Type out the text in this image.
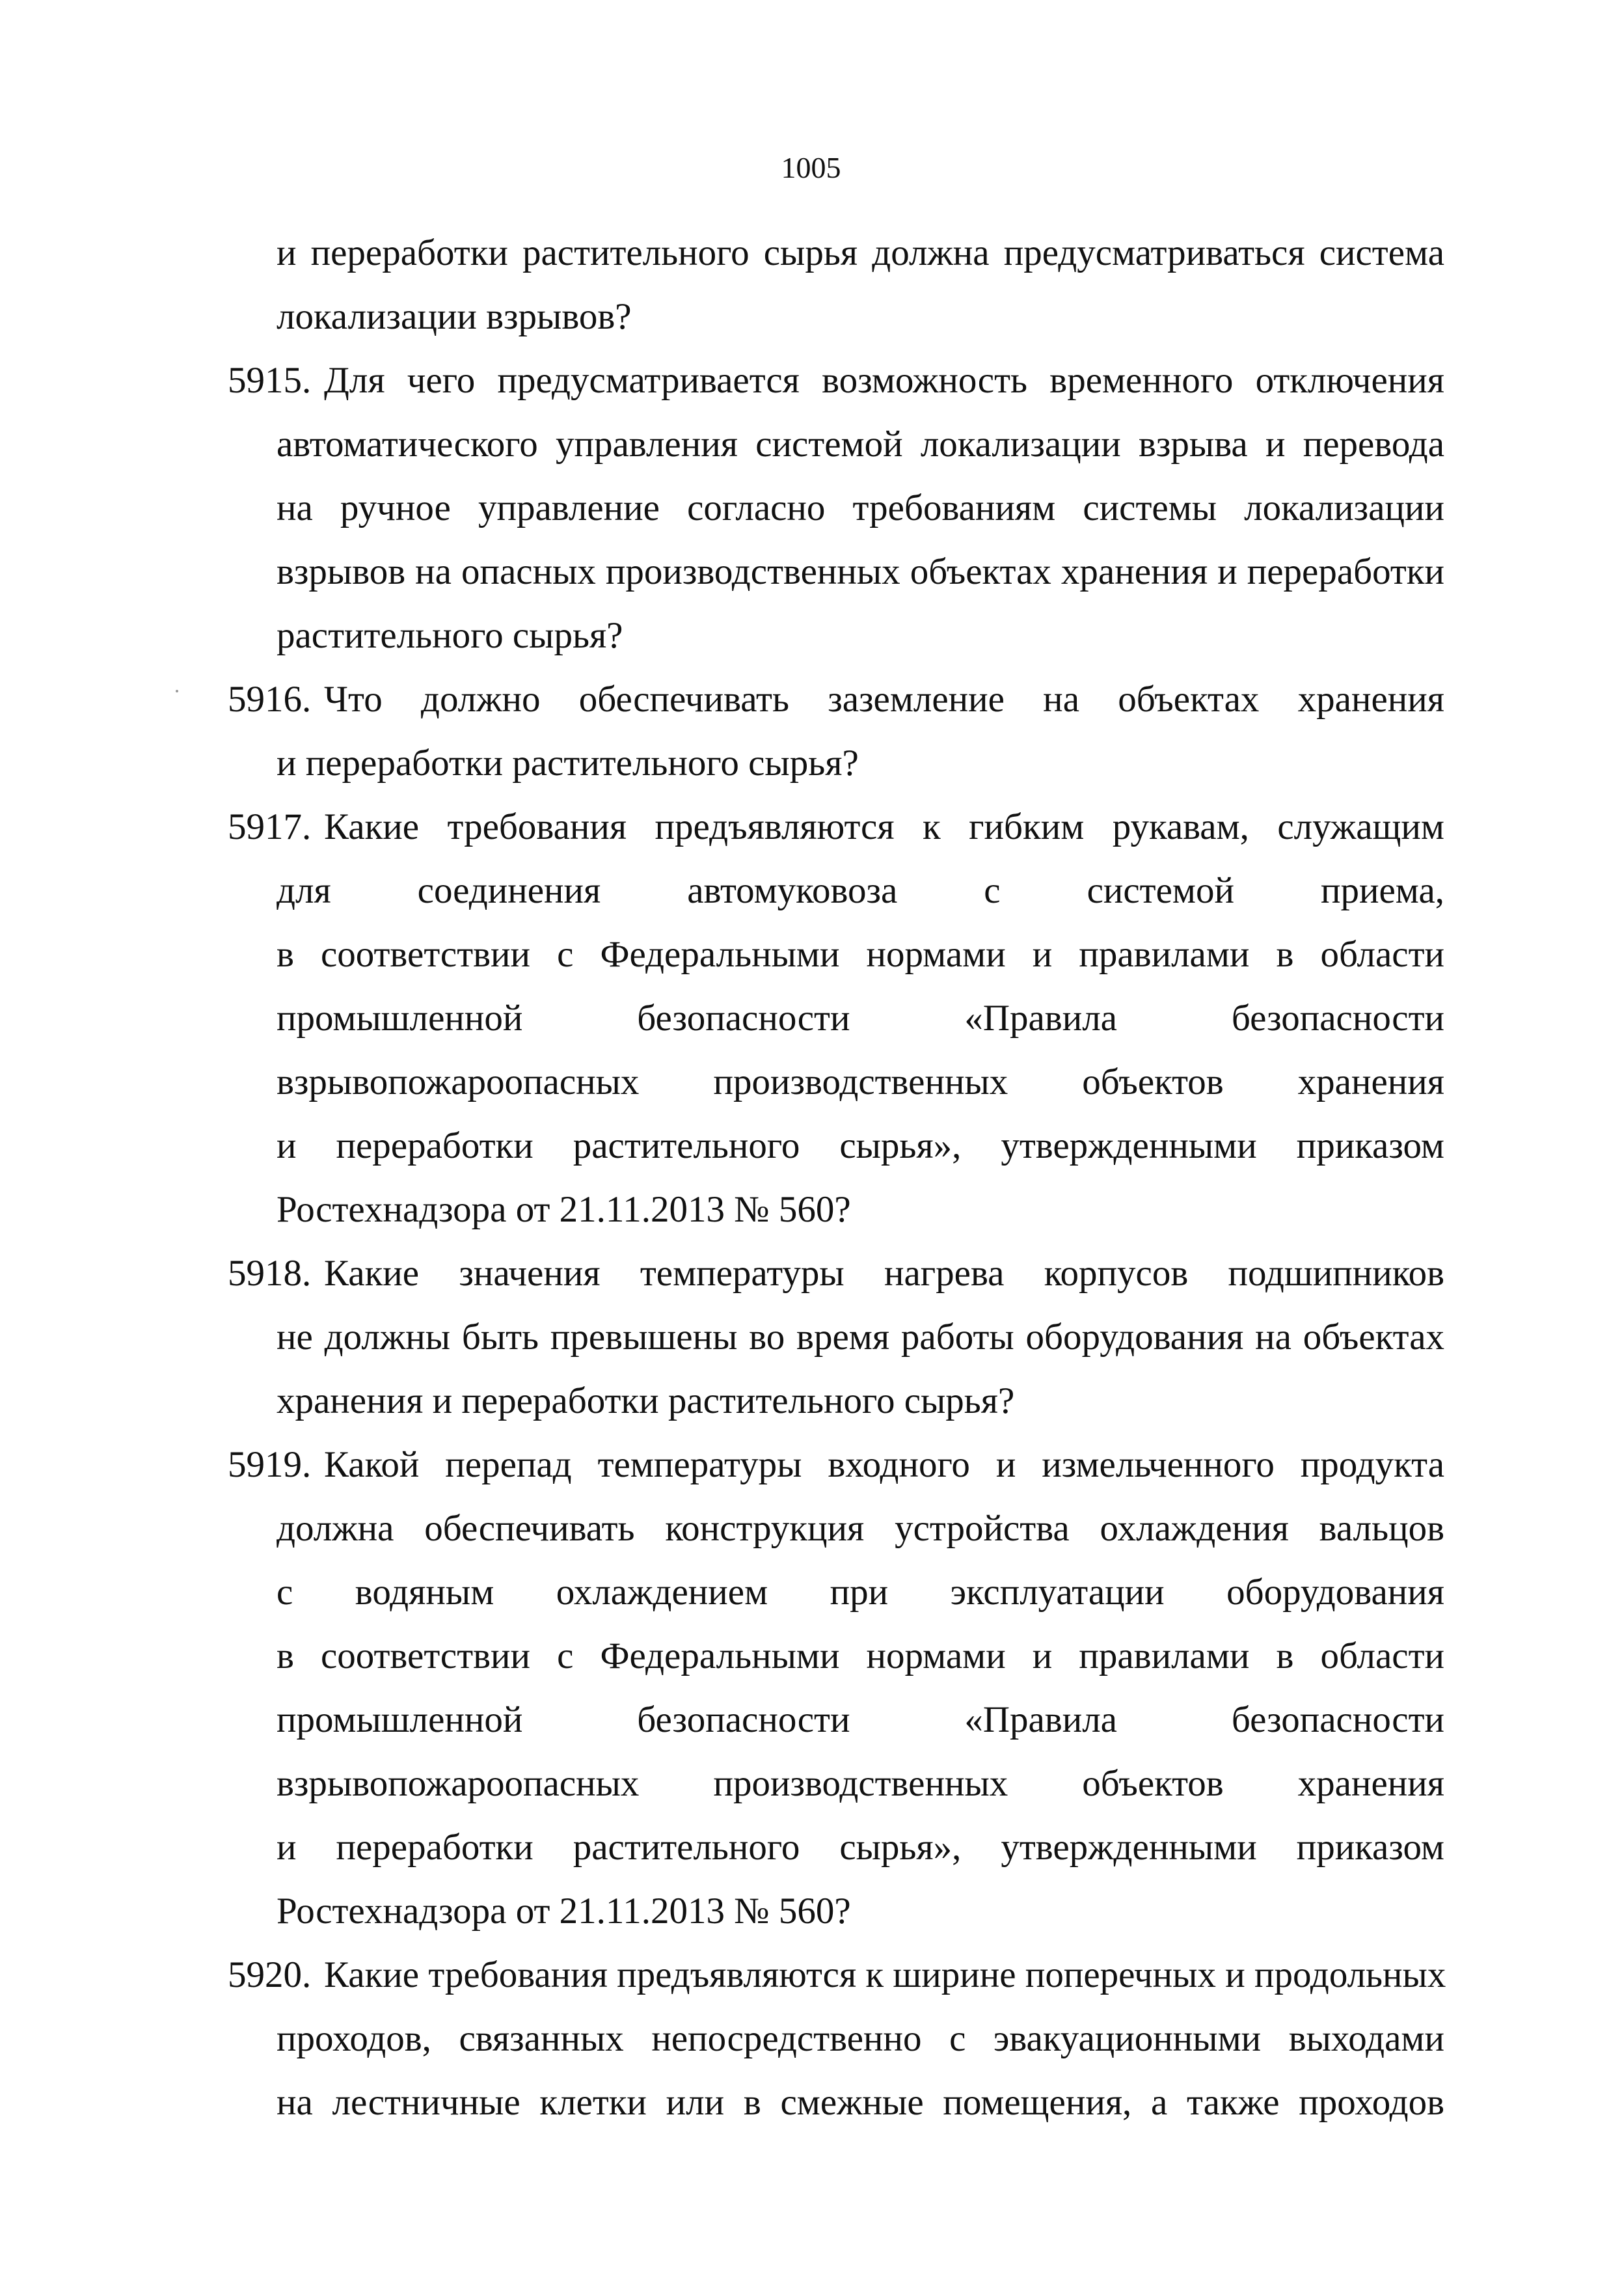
1005
и переработки растительного сырья должна предусматриваться система
локализации взрывов?
5915. Для чего предусматривается возможность временного отключения
автоматического управления системой локализации взрыва и перевода
на ручное управление согласно требованиям системы локализации
взрывов на опасных производственных объектах хранения и переработки
растительного сырья?
5916. Что должно обеспечивать заземление на объектах хранения
и переработки растительного сырья?
5917. Какие требования предъявляются к гибким рукавам, служащим
для соединения автомуковоза с системой приема,
в соответствии с Федеральными нормами и правилами в области
промышленной безопасности «Правила безопасности
взрывопожароопасных производственных объектов хранения
и переработки растительного сырья», утвержденными приказом
Ростехнадзора от 21.11.2013 № 560?
5918. Какие значения температуры нагрева корпусов подшипников
не должны быть превышены во время работы оборудования на объектах
хранения и переработки растительного сырья?
5919. Какой перепад температуры входного и измельченного продукта
должна обеспечивать конструкция устройства охлаждения вальцов
с водяным охлаждением при эксплуатации оборудования
в соответствии с Федеральными нормами и правилами в области
промышленной безопасности «Правила безопасности
взрывопожароопасных производственных объектов хранения
и переработки растительного сырья», утвержденными приказом
Ростехнадзора от 21.11.2013 № 560?
5920. Какие требования предъявляются к ширине поперечных и продольных
проходов, связанных непосредственно с эвакуационными выходами
на лестничные клетки или в смежные помещения, а также проходов
